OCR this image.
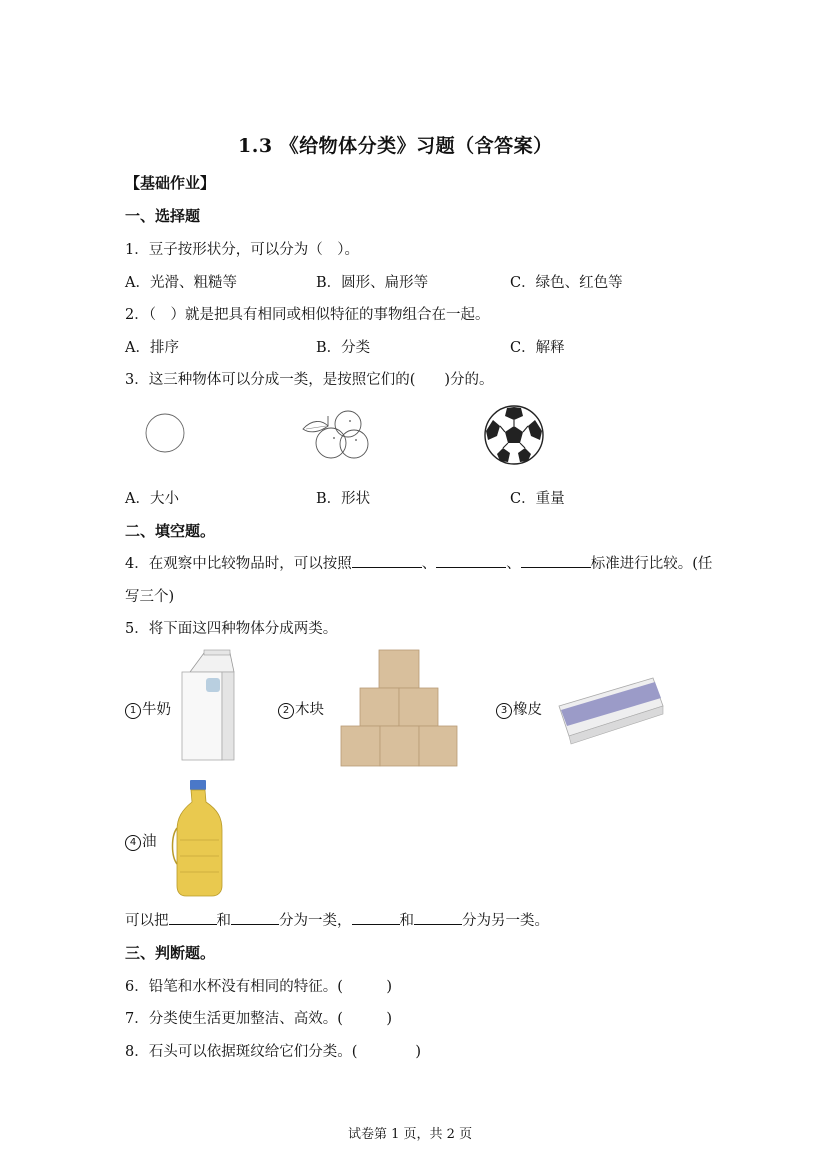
1.3 《给物体分类》习题（含答案）
【基础作业】
一、选择题
1．豆子按形状分，可以分为（　）。
A．光滑、粗糙等	B．圆形、扁形等	C．绿色、红色等
2．（　）就是把具有相同或相似特征的事物组合在一起。
A．排序	B．分类	C．解释
3．这三种物体可以分成一类，是按照它们的(　　)分的。
A．大小	B．形状	C．重量
二、填空题。
4．在观察中比较物品时，可以按照	、	、	标准进行比较。(任
写三个)
5．将下面这四种物体分成两类。
1 牛奶	2 木块	3 橡皮
4 油
可以把	和	分为一类，	和	分为另一类。
三、判断题。
6．铅笔和水杯没有相同的特征。(　　　)
7．分类使生活更加整洁、高效。(　　　)
8．石头可以依据斑纹给它们分类。(　　　　)
试卷第 1 页，共 2 页
